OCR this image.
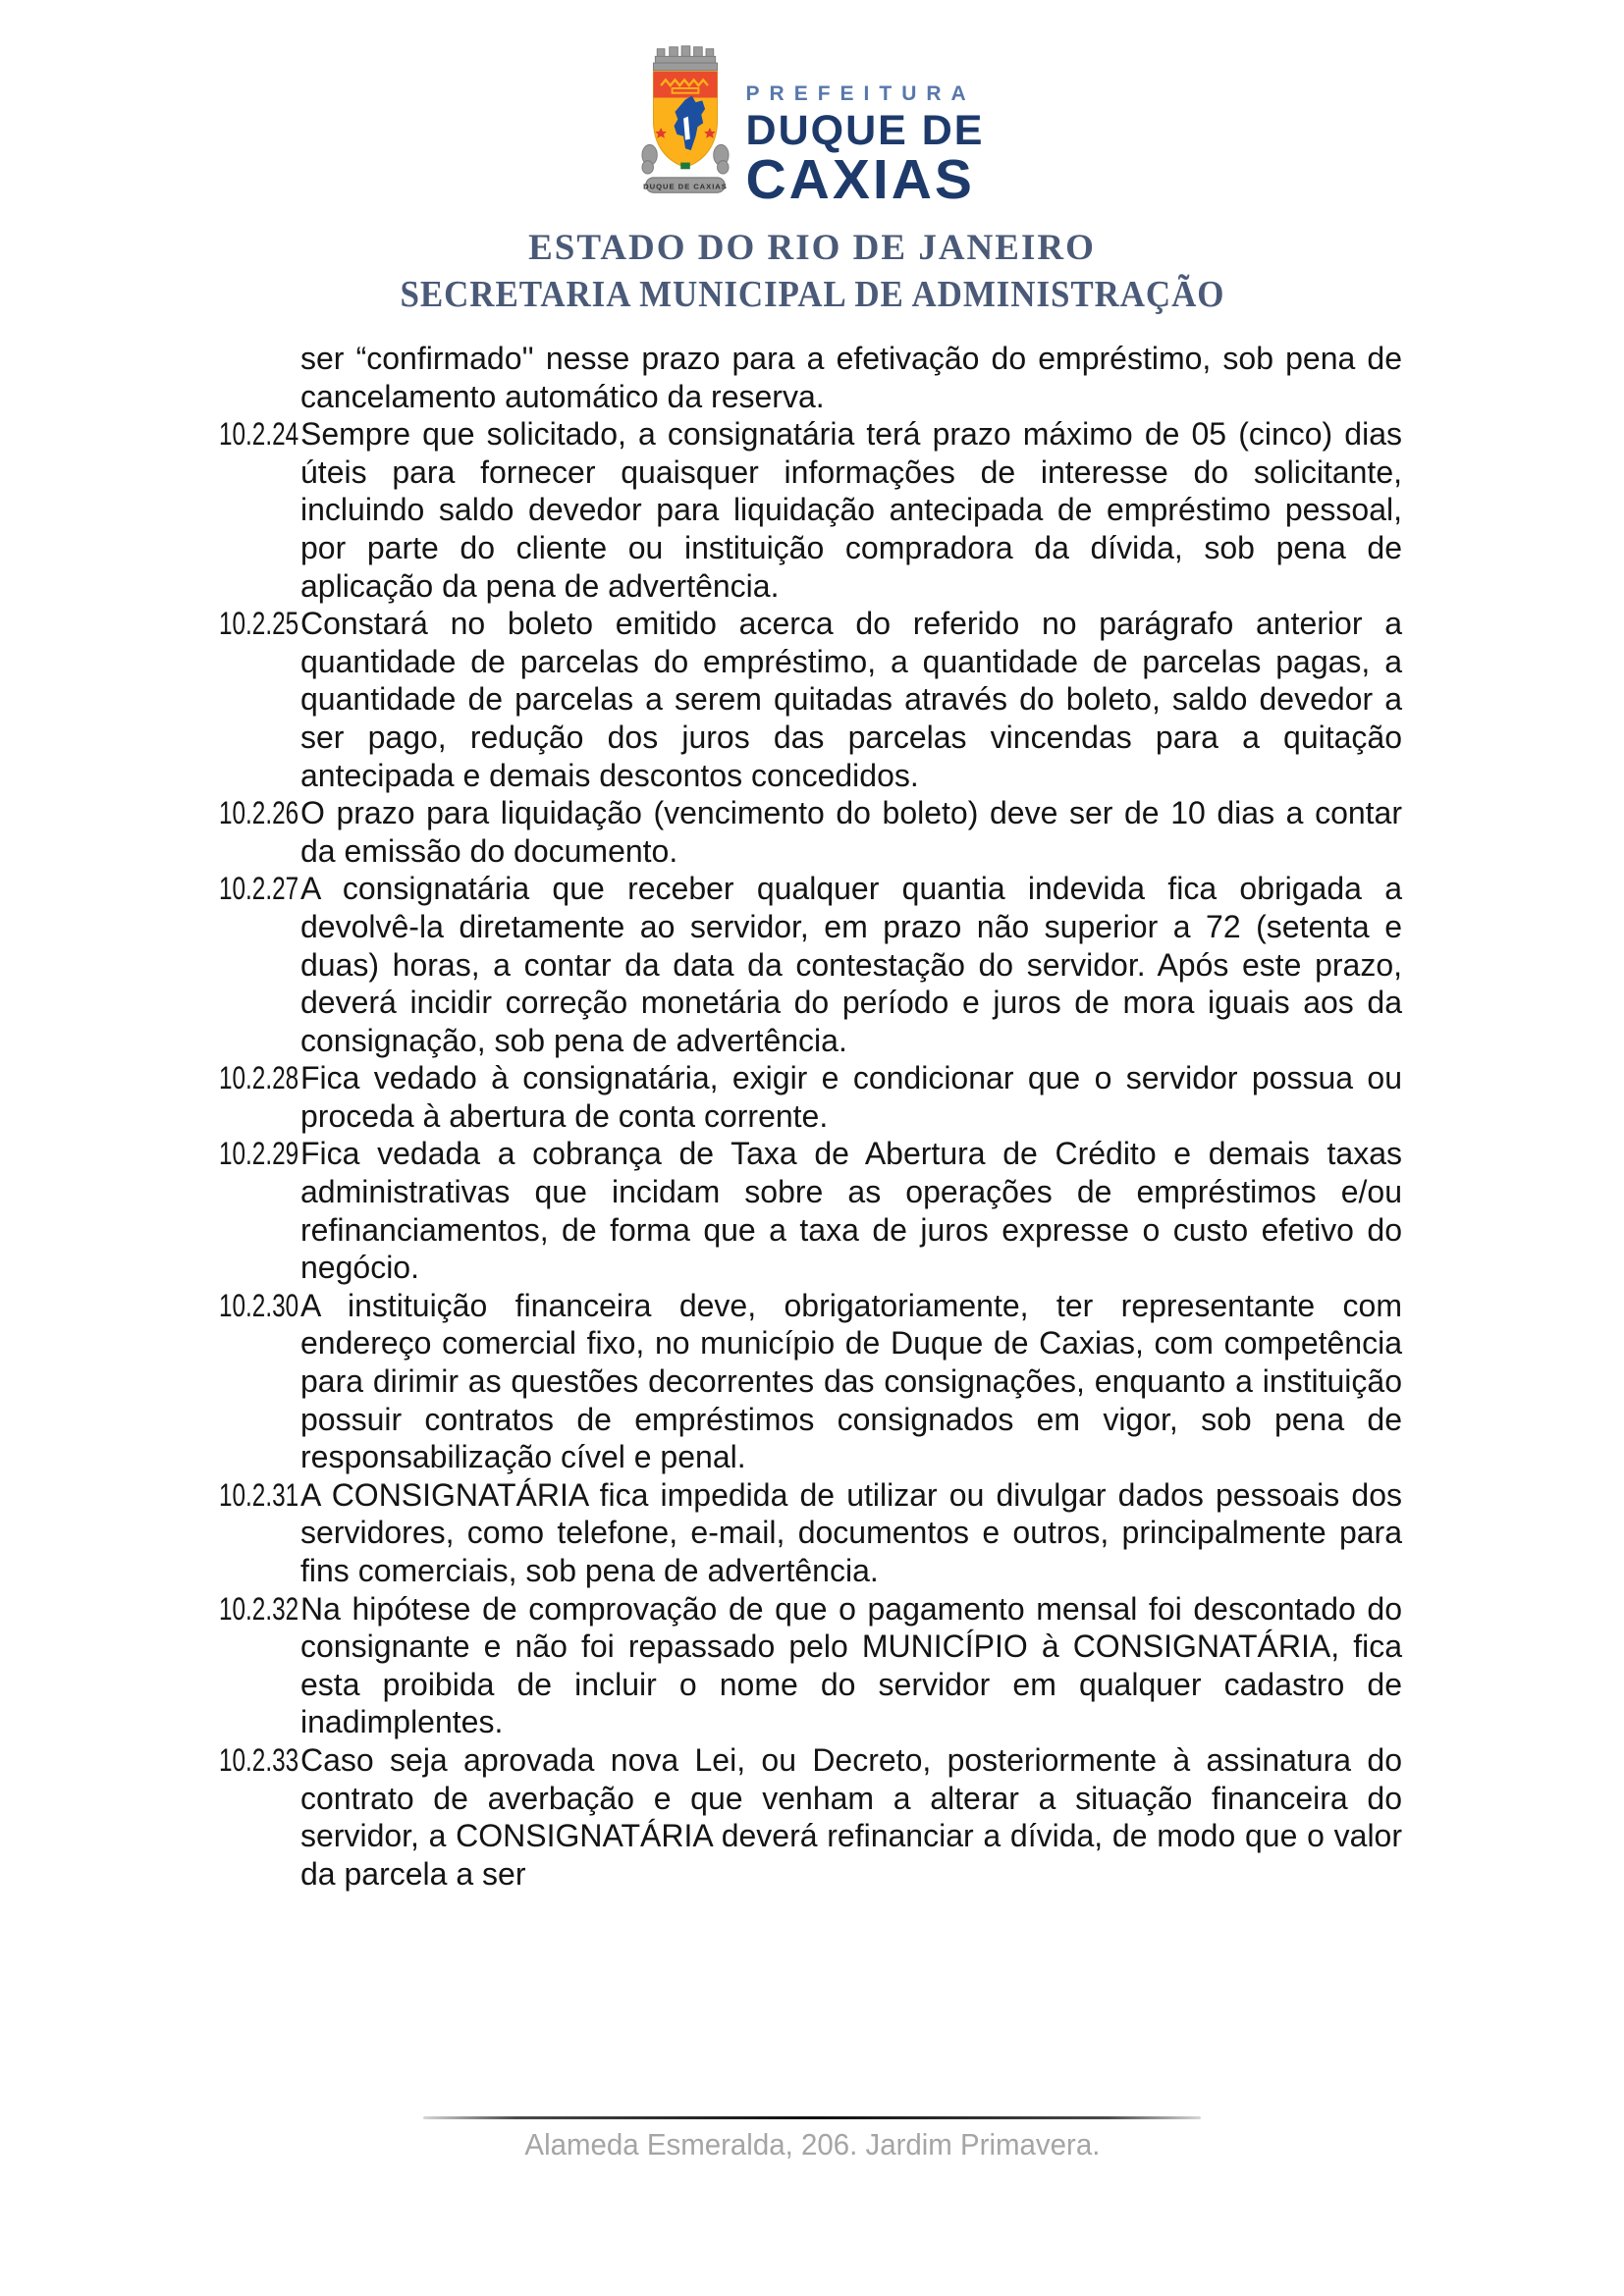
DUQUE DE CAXIAS
PREFEITURA
DUQUE DE
CAXIAS
ESTADO DO RIO DE JANEIRO
SECRETARIA MUNICIPAL DE ADMINISTRAÇÃO

ser “confirmado'' nesse prazo para a efetivação do empréstimo, sob pena de cancelamento automático da reserva.

10.2.24 Sempre que solicitado, a consignatária terá prazo máximo de 05 (cinco) dias úteis para fornecer quaisquer informações de interesse do solicitante, incluindo saldo devedor para liquidação antecipada de empréstimo pessoal, por parte do cliente ou instituição compradora da dívida, sob pena de aplicação da pena de advertência.

10.2.25 Constará no boleto emitido acerca do referido no parágrafo anterior a quantidade de parcelas do empréstimo, a quantidade de parcelas pagas, a quantidade de parcelas a serem quitadas através do boleto, saldo devedor a ser pago, redução dos juros das parcelas vincendas para a quitação antecipada e demais descontos concedidos.

10.2.26 O prazo para liquidação (vencimento do boleto) deve ser de 10 dias a contar da emissão do documento.

10.2.27 A consignatária que receber qualquer quantia indevida fica obrigada a devolvê-la diretamente ao servidor, em prazo não superior a 72 (setenta e duas) horas, a contar da data da contestação do servidor. Após este prazo, deverá incidir correção monetária do período e juros de mora iguais aos da consignação, sob pena de advertência.

10.2.28 Fica vedado à consignatária, exigir e condicionar que o servidor possua ou proceda à abertura de conta corrente.

10.2.29 Fica vedada a cobrança de Taxa de Abertura de Crédito e demais taxas administrativas que incidam sobre as operações de empréstimos e/ou refinanciamentos, de forma que a taxa de juros expresse o custo efetivo do negócio.

10.2.30 A instituição financeira deve, obrigatoriamente, ter representante com endereço comercial fixo, no município de Duque de Caxias, com competência para dirimir as questões decorrentes das consignações, enquanto a instituição possuir contratos de empréstimos consignados em vigor, sob pena de responsabilização cível e penal.

10.2.31 A CONSIGNATÁRIA fica impedida de utilizar ou divulgar dados pessoais dos servidores, como telefone, e-mail, documentos e outros, principalmente para fins comerciais, sob pena de advertência.

10.2.32 Na hipótese de comprovação de que o pagamento mensal foi descontado do consignante e não foi repassado pelo MUNICÍPIO à CONSIGNATÁRIA, fica esta proibida de incluir o nome do servidor em qualquer cadastro de inadimplentes.

10.2.33 Caso seja aprovada nova Lei, ou Decreto, posteriormente à assinatura do contrato de averbação e que venham a alterar a situação financeira do servidor, a CONSIGNATÁRIA deverá refinanciar a dívida, de modo que o valor da parcela a ser

Alameda Esmeralda, 206. Jardim Primavera.
